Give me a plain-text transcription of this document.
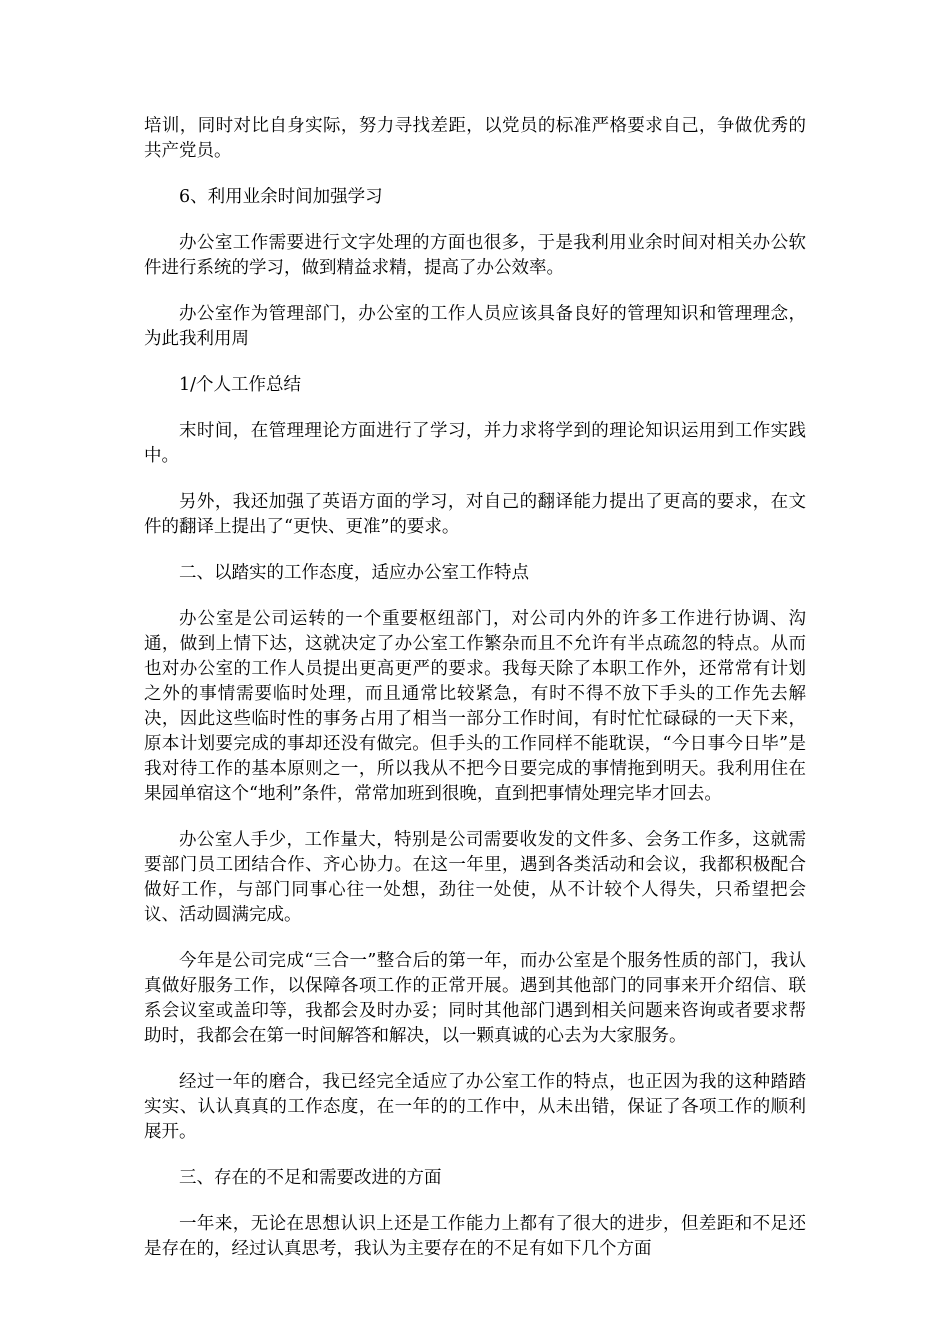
培训，同时对比自身实际，努力寻找差距，以党员的标准严格要求自己，争做优秀的共产党员。

6、利用业余时间加强学习

办公室工作需要进行文字处理的方面也很多，于是我利用业余时间对相关办公软件进行系统的学习，做到精益求精，提高了办公效率。

办公室作为管理部门，办公室的工作人员应该具备良好的管理知识和管理理念，为此我利用周

1/个人工作总结

末时间，在管理理论方面进行了学习，并力求将学到的理论知识运用到工作实践中。

另外，我还加强了英语方面的学习，对自己的翻译能力提出了更高的要求，在文件的翻译上提出了“更快、更准”的要求。

二、以踏实的工作态度，适应办公室工作特点

办公室是公司运转的一个重要枢纽部门，对公司内外的许多工作进行协调、沟通，做到上情下达，这就决定了办公室工作繁杂而且不允许有半点疏忽的特点。从而也对办公室的工作人员提出更高更严的要求。我每天除了本职工作外，还常常有计划之外的事情需要临时处理，而且通常比较紧急，有时不得不放下手头的工作先去解决，因此这些临时性的事务占用了相当一部分工作时间，有时忙忙碌碌的一天下来，原本计划要完成的事却还没有做完。但手头的工作同样不能耽误，“今日事今日毕”是我对待工作的基本原则之一，所以我从不把今日要完成的事情拖到明天。我利用住在果园单宿这个“地利”条件，常常加班到很晚，直到把事情处理完毕才回去。

办公室人手少，工作量大，特别是公司需要收发的文件多、会务工作多，这就需要部门员工团结合作、齐心协力。在这一年里，遇到各类活动和会议，我都积极配合做好工作，与部门同事心往一处想，劲往一处使，从不计较个人得失，只希望把会议、活动圆满完成。

今年是公司完成“三合一”整合后的第一年，而办公室是个服务性质的部门，我认真做好服务工作，以保障各项工作的正常开展。遇到其他部门的同事来开介绍信、联系会议室或盖印等，我都会及时办妥；同时其他部门遇到相关问题来咨询或者要求帮助时，我都会在第一时间解答和解决，以一颗真诚的心去为大家服务。

经过一年的磨合，我已经完全适应了办公室工作的特点，也正因为我的这种踏踏实实、认认真真的工作态度，在一年的的工作中，从未出错，保证了各项工作的顺利展开。

三、存在的不足和需要改进的方面

一年来，无论在思想认识上还是工作能力上都有了很大的进步，但差距和不足还是存在的，经过认真思考，我认为主要存在的不足有如下几个方面
